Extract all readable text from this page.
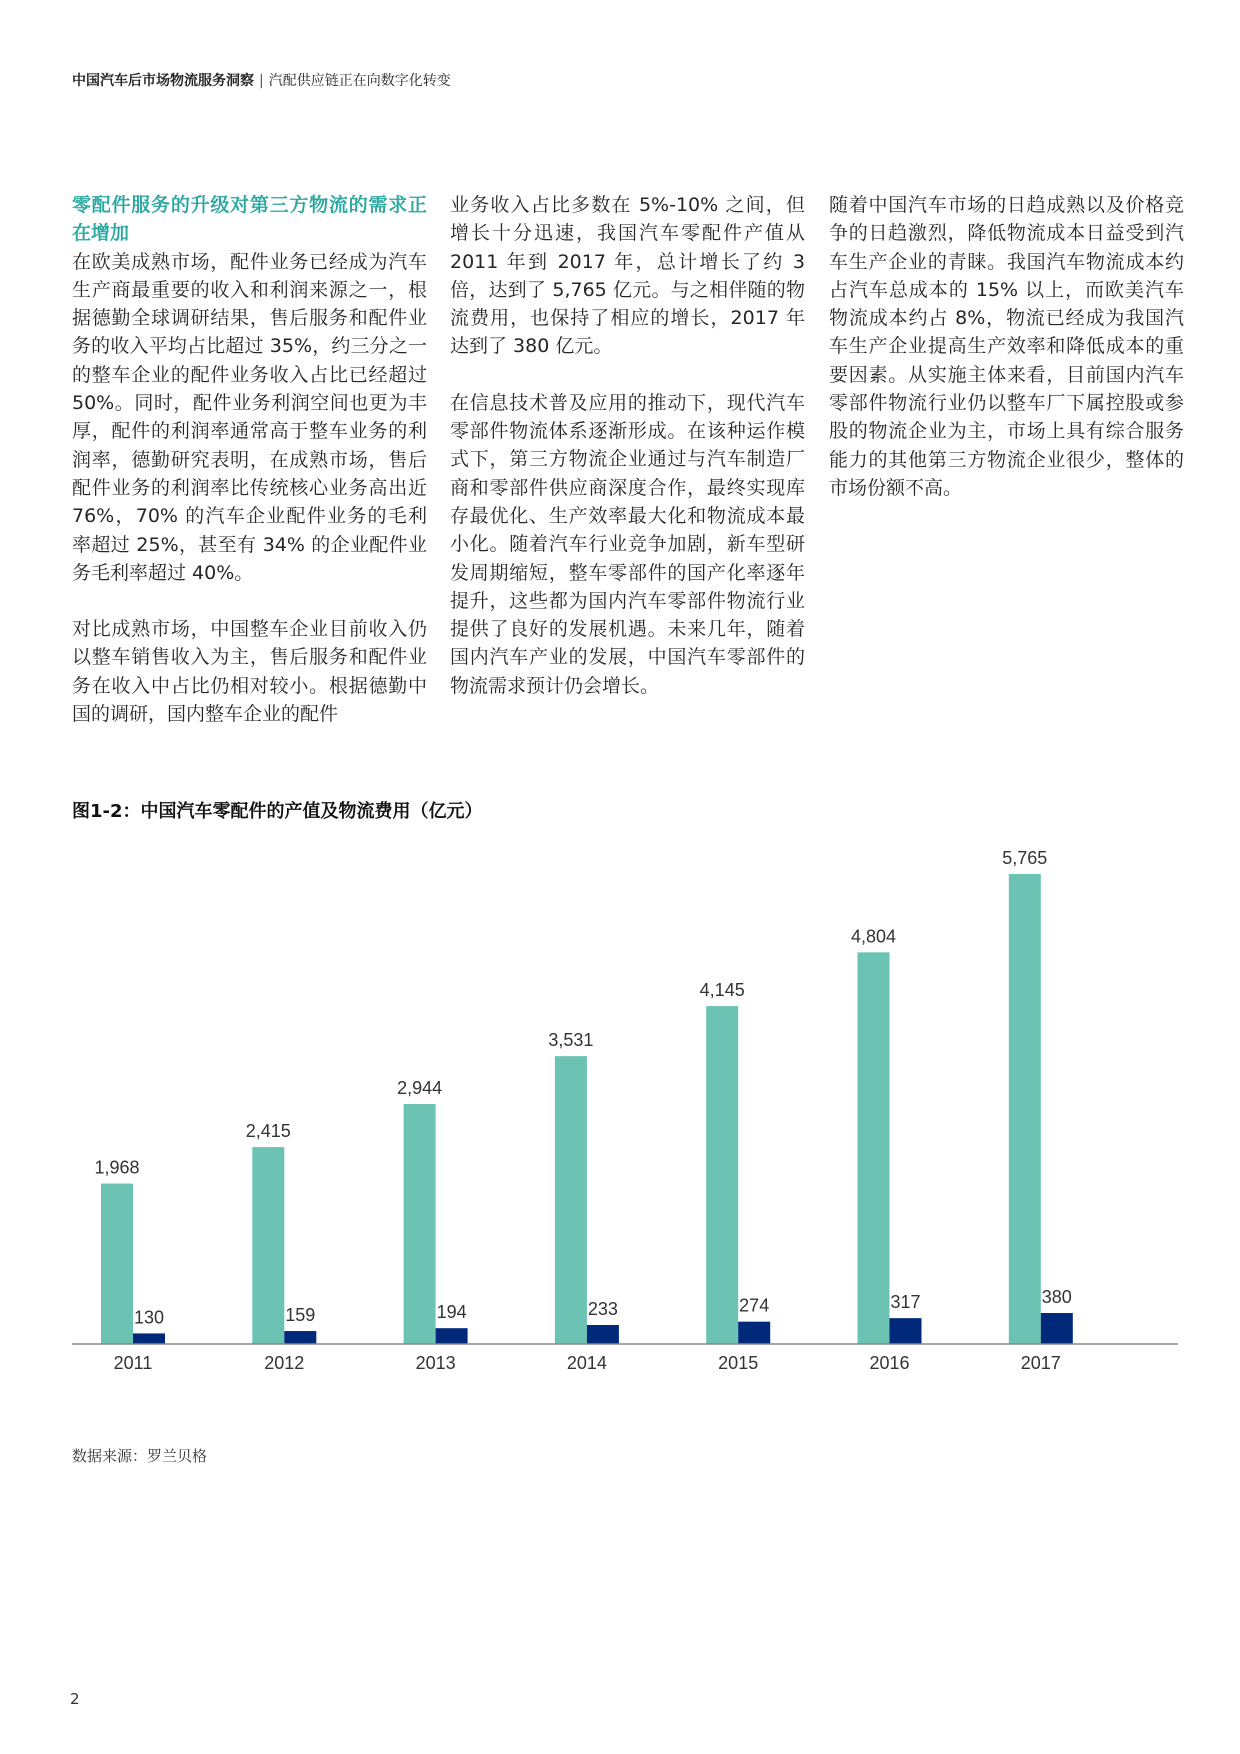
中国汽车后市场物流服务洞察 | 汽配供应链正在向数字化转变

零配件服务的升级对第三方物流的需求正在增加

在欧美成熟市场，配件业务已经成为汽车生产商最重要的收入和利润来源之一，根据德勤全球调研结果，售后服务和配件业务的收入平均占比超过 35%，约三分之一的整车企业的配件业务收入占比已经超过 50%。同时，配件业务利润空间也更为丰厚，配件的利润率通常高于整车业务的利润率，德勤研究表明，在成熟市场，售后配件业务的利润率比传统核心业务高出近 76%，70% 的汽车企业配件业务的毛利率超过 25%，甚至有 34% 的企业配件业务毛利率超过 40%。

对比成熟市场，中国整车企业目前收入仍以整车销售收入为主，售后服务和配件业务在收入中占比仍相对较小。根据德勤中国的调研，国内整车企业的配件

业务收入占比多数在 5%-10% 之间，但增长十分迅速，我国汽车零配件产值从 2011 年到 2017 年，总计增长了约 3 倍，达到了 5,765 亿元。与之相伴随的物流费用，也保持了相应的增长，2017 年达到了 380 亿元。

在信息技术普及应用的推动下，现代汽车零部件物流体系逐渐形成。在该种运作模式下，第三方物流企业通过与汽车制造厂商和零部件供应商深度合作，最终实现库存最优化、生产效率最大化和物流成本最小化。随着汽车行业竞争加剧，新车型研发周期缩短，整车零部件的国产化率逐年提升，这些都为国内汽车零部件物流行业提供了良好的发展机遇。未来几年，随着国内汽车产业的发展，中国汽车零部件的物流需求预计仍会增长。

随着中国汽车市场的日趋成熟以及价格竞争的日趋激烈，降低物流成本日益受到汽车生产企业的青睐。我国汽车物流成本约占汽车总成本的 15% 以上，而欧美汽车物流成本约占 8%，物流已经成为我国汽车生产企业提高生产效率和降低成本的重要因素。从实施主体来看，目前国内汽车零部件物流行业仍以整车厂下属控股或参股的物流企业为主，市场上具有综合服务能力的其他第三方物流企业很少，整体的市场份额不高。

图1-2：中国汽车零配件的产值及物流费用（亿元）
1,968
130
2011
2,415
159
2012
2,944
194
2013
3,531
233
2014
4,145
274
2015
4,804
317
2016
5,765
380
2017
数据来源：罗兰贝格
2
